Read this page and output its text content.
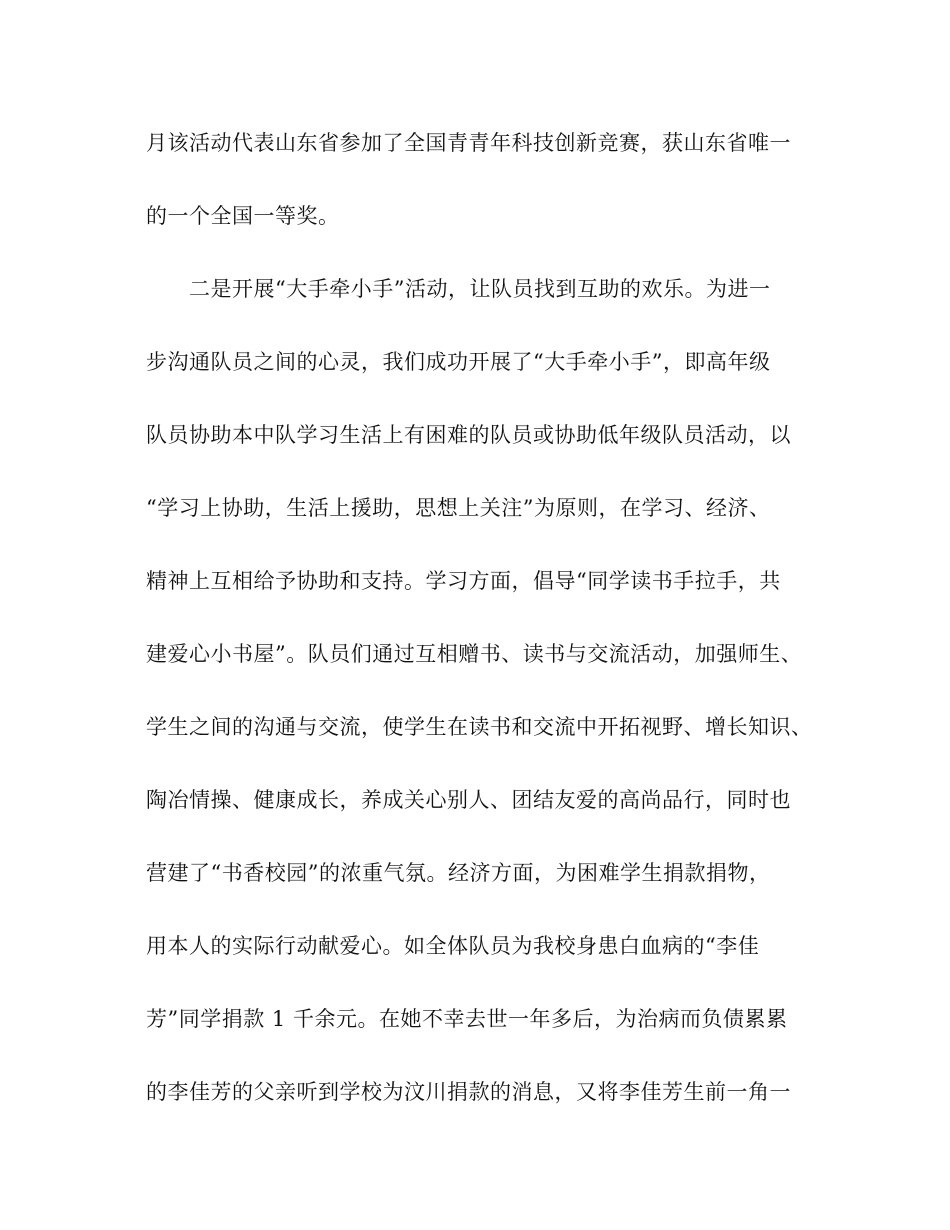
月该活动代表山东省参加了全国青青年科技创新竞赛，获山东省唯一
的一个全国一等奖。
　　二是开展“大手牵小手”活动，让队员找到互助的欢乐。为进一
步沟通队员之间的心灵，我们成功开展了“大手牵小手”，即高年级
队员协助本中队学习生活上有困难的队员或协助低年级队员活动，以
“学习上协助，生活上援助，思想上关注”为原则，在学习、经济、
精神上互相给予协助和支持。学习方面，倡导“同学读书手拉手，共
建爱心小书屋”。队员们通过互相赠书、读书与交流活动，加强师生、
学生之间的沟通与交流，使学生在读书和交流中开拓视野、增长知识、
陶冶情操、健康成长，养成关心别人、团结友爱的高尚品行，同时也
营建了“书香校园”的浓重气氛。经济方面，为困难学生捐款捐物，
用本人的实际行动献爱心。如全体队员为我校身患白血病的“李佳
芳”同学捐款 1 千余元。在她不幸去世一年多后，为治病而负债累累
的李佳芳的父亲听到学校为汶川捐款的消息，又将李佳芳生前一角一
